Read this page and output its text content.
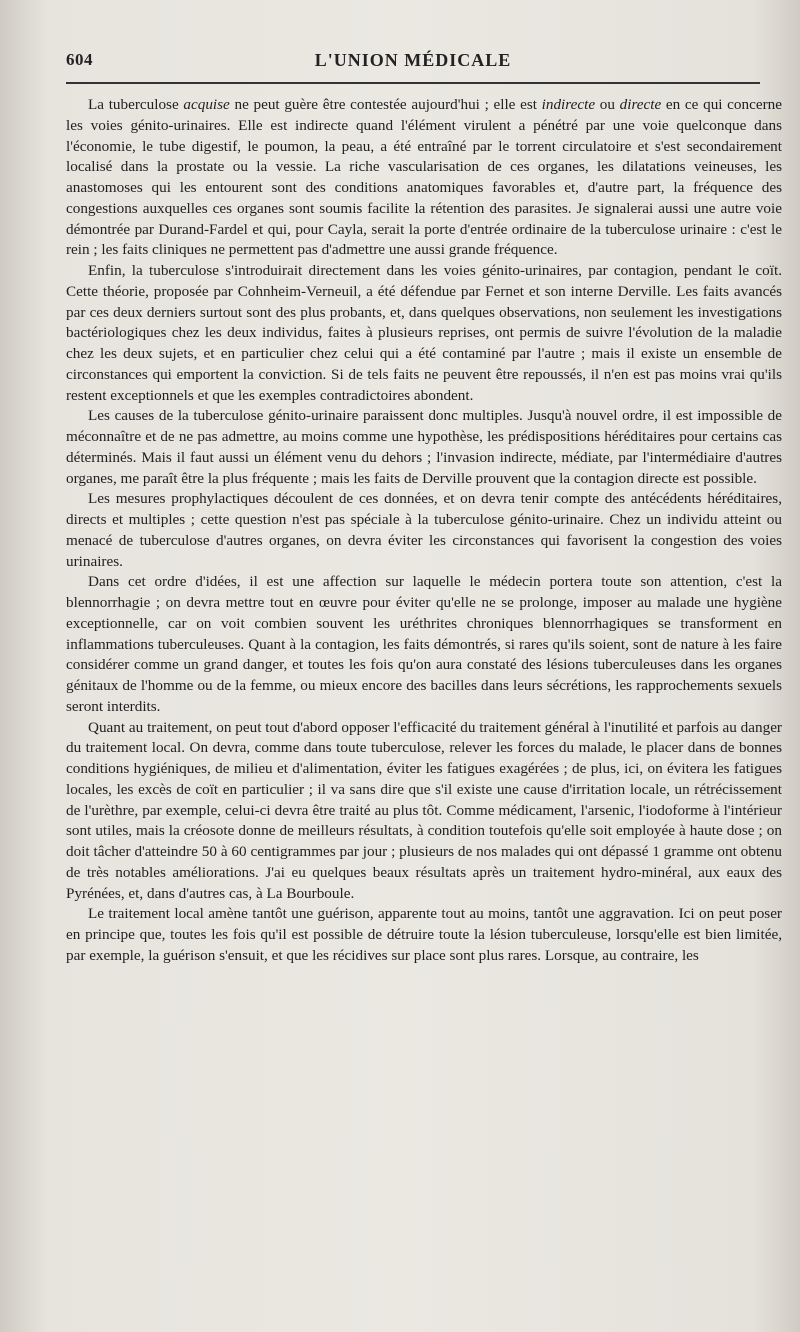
604	L'UNION MÉDICALE

La tuberculose acquise ne peut guère être contestée aujourd'hui ; elle est indirecte ou directe en ce qui concerne les voies génito-urinaires. Elle est indirecte quand l'élément virulent a pénétré par une voie quelconque dans l'économie, le tube digestif, le poumon, la peau, a été entraîné par le torrent circulatoire et s'est secondairement localisé dans la prostate ou la vessie. La riche vascularisation de ces organes, les dilatations veineuses, les anastomoses qui les entourent sont des conditions anatomiques favorables et, d'autre part, la fréquence des congestions auxquelles ces organes sont soumis facilite la rétention des parasites. Je signalerai aussi une autre voie démontrée par Durand-Fardel et qui, pour Cayla, serait la porte d'entrée ordinaire de la tuberculose urinaire : c'est le rein ; les faits cliniques ne permettent pas d'admettre une aussi grande fréquence.

Enfin, la tuberculose s'introduirait directement dans les voies génito-urinaires, par contagion, pendant le coït. Cette théorie, proposée par Cohnheim-Verneuil, a été défendue par Fernet et son interne Derville. Les faits avancés par ces deux derniers surtout sont des plus probants, et, dans quelques observations, non seulement les investigations bactériologiques chez les deux individus, faites à plusieurs reprises, ont permis de suivre l'évolution de la maladie chez les deux sujets, et en particulier chez celui qui a été contaminé par l'autre ; mais il existe un ensemble de circonstances qui emportent la conviction. Si de tels faits ne peuvent être repoussés, il n'en est pas moins vrai qu'ils restent exceptionnels et que les exemples contradictoires abondent.

Les causes de la tuberculose génito-urinaire paraissent donc multiples. Jusqu'à nouvel ordre, il est impossible de méconnaître et de ne pas admettre, au moins comme une hypothèse, les prédispositions héréditaires pour certains cas déterminés. Mais il faut aussi un élément venu du dehors ; l'invasion indirecte, médiate, par l'intermédiaire d'autres organes, me paraît être la plus fréquente ; mais les faits de Derville prouvent que la contagion directe est possible.

Les mesures prophylactiques découlent de ces données, et on devra tenir compte des antécédents héréditaires, directs et multiples ; cette question n'est pas spéciale à la tuberculose génito-urinaire. Chez un individu atteint ou menacé de tuberculose d'autres organes, on devra éviter les circonstances qui favorisent la congestion des voies urinaires.

Dans cet ordre d'idées, il est une affection sur laquelle le médecin portera toute son attention, c'est la blennorrhagie ; on devra mettre tout en œuvre pour éviter qu'elle ne se prolonge, imposer au malade une hygiène exceptionnelle, car on voit combien souvent les uréthrites chroniques blennorrhagiques se transforment en inflammations tuberculeuses. Quant à la contagion, les faits démontrés, si rares qu'ils soient, sont de nature à les faire considérer comme un grand danger, et toutes les fois qu'on aura constaté des lésions tuberculeuses dans les organes génitaux de l'homme ou de la femme, ou mieux encore des bacilles dans leurs sécrétions, les rapprochements sexuels seront interdits.

Quant au traitement, on peut tout d'abord opposer l'efficacité du traitement général à l'inutilité et parfois au danger du traitement local. On devra, comme dans toute tuberculose, relever les forces du malade, le placer dans de bonnes conditions hygiéniques, de milieu et d'alimentation, éviter les fatigues exagérées ; de plus, ici, on évitera les fatigues locales, les excès de coït en particulier ; il va sans dire que s'il existe une cause d'irritation locale, un rétrécissement de l'urèthre, par exemple, celui-ci devra être traité au plus tôt. Comme médicament, l'arsenic, l'iodoforme à l'intérieur sont utiles, mais la créosote donne de meilleurs résultats, à condition toutefois qu'elle soit employée à haute dose ; on doit tâcher d'atteindre 50 à 60 centigrammes par jour ; plusieurs de nos malades qui ont dépassé 1 gramme ont obtenu de très notables améliorations. J'ai eu quelques beaux résultats après un traitement hydro-minéral, aux eaux des Pyrénées, et, dans d'autres cas, à La Bourboule.

Le traitement local amène tantôt une guérison, apparente tout au moins, tantôt une aggravation. Ici on peut poser en principe que, toutes les fois qu'il est possible de détruire toute la lésion tuberculeuse, lorsqu'elle est bien limitée, par exemple, la guérison s'ensuit, et que les récidives sur place sont plus rares. Lorsque, au contraire, les
